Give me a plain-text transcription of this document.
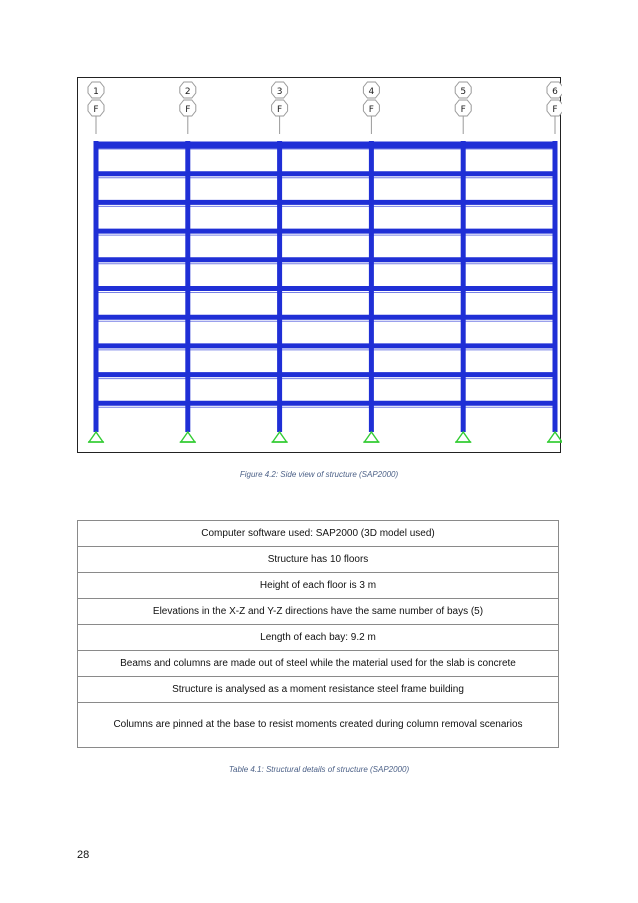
1
F
2
F
3
F
4
F
5
F
6
F
Figure 4.2: Side view of structure (SAP2000)
Computer software used: SAP2000 (3D model used)
Structure has 10 floors
Height of each floor is 3 m
Elevations in the X-Z and Y-Z directions have the same number of bays (5)
Length of each bay: 9.2 m
Beams and columns are made out of steel while the material used for the slab is concrete
Structure is analysed as a moment resistance steel frame building
Columns are pinned at the base to resist moments created during column removal scenarios
Table 4.1: Structural details of structure (SAP2000)
28
